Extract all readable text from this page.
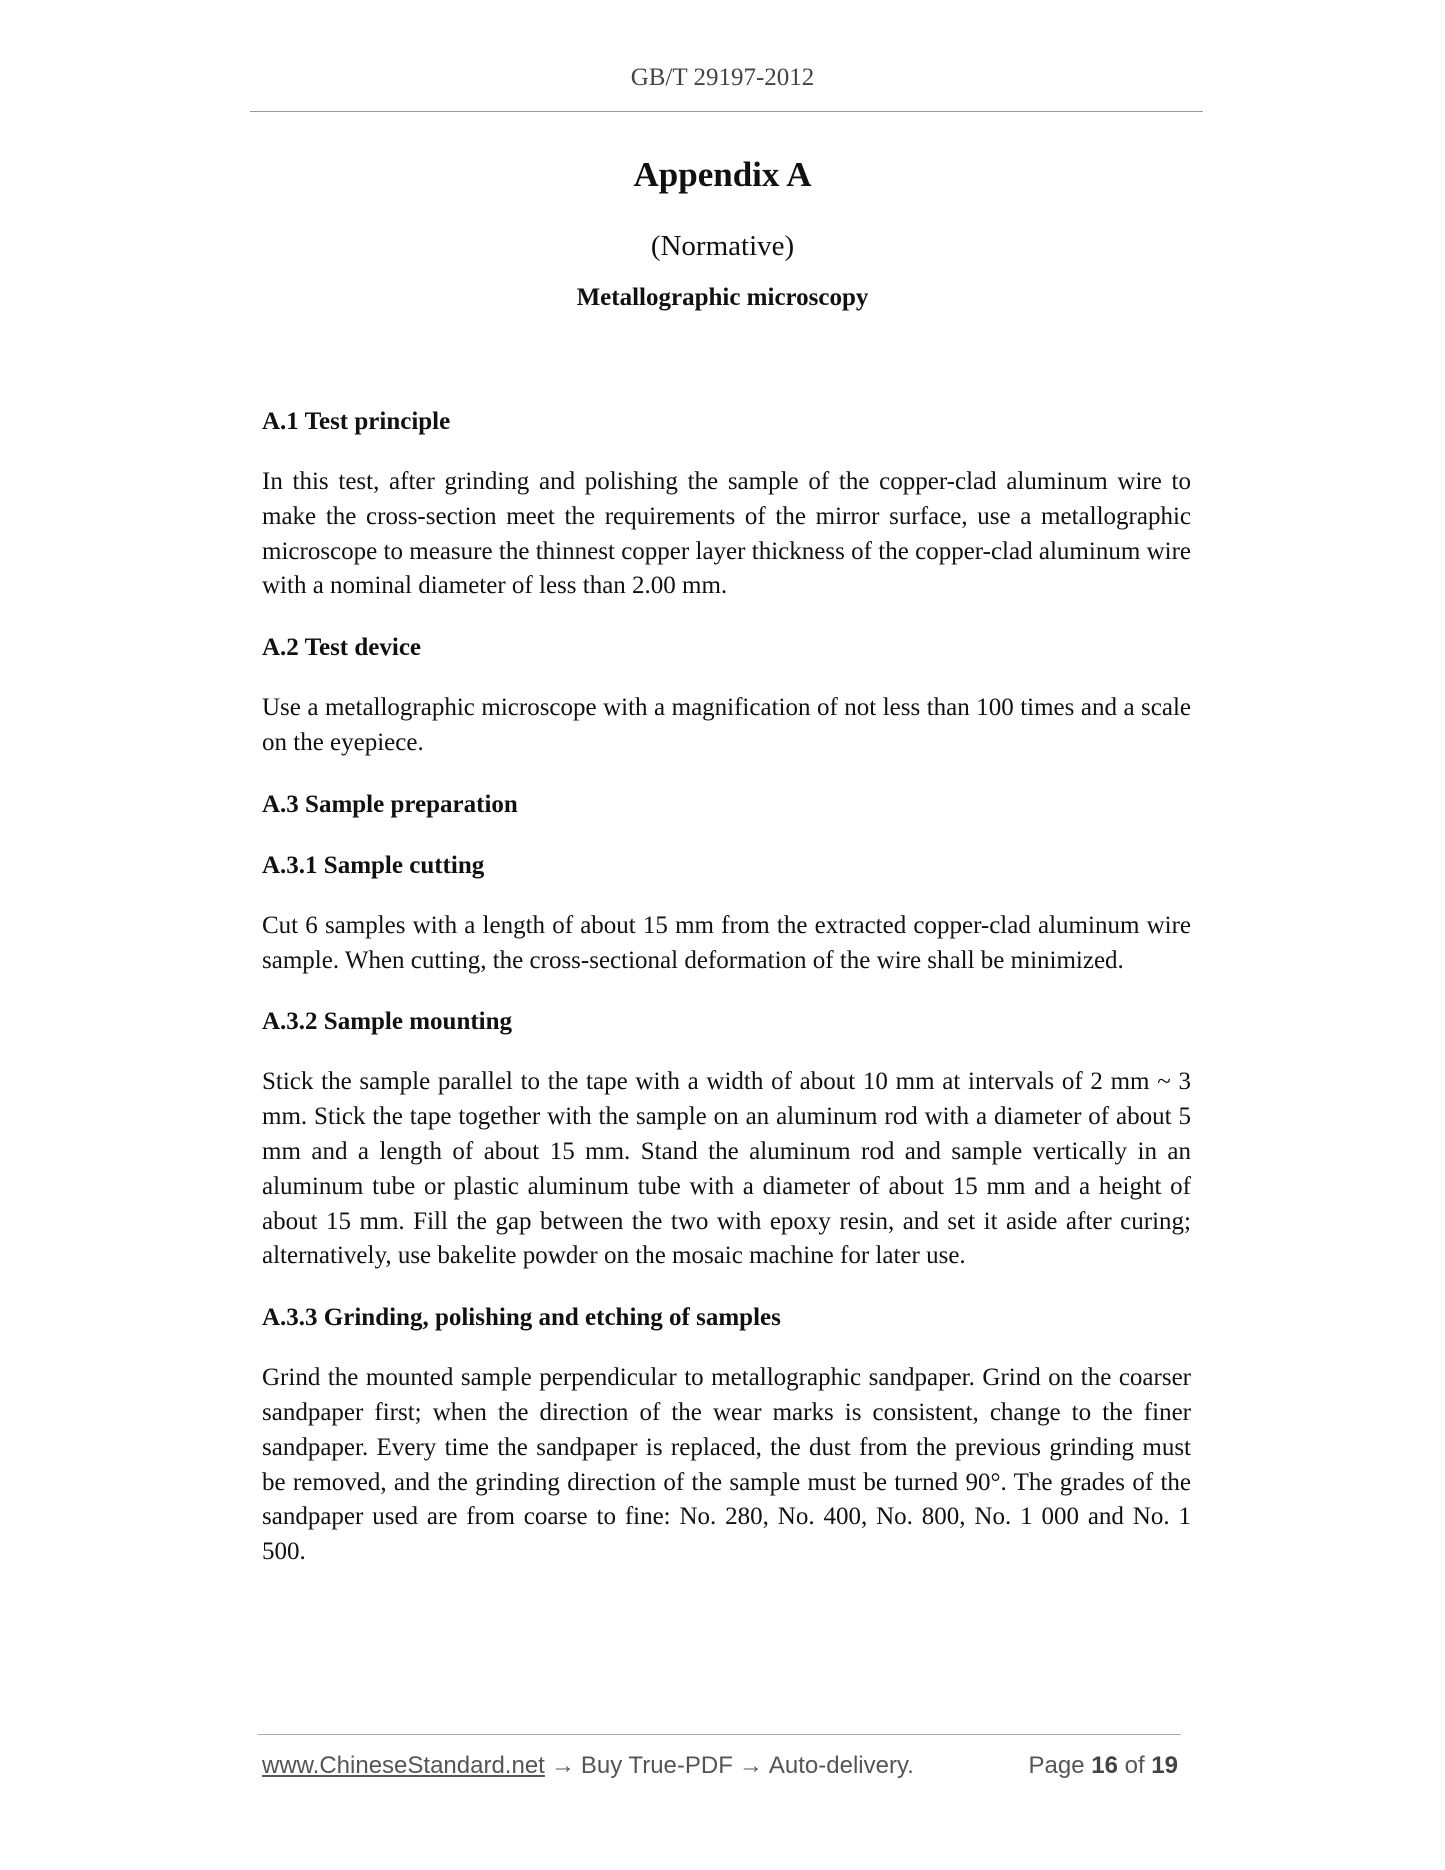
GB/T 29197-2012
Appendix A
(Normative)
Metallographic microscopy
A.1 Test principle

In this test, after grinding and polishing the sample of the copper-clad aluminum wire to make the cross-section meet the requirements of the mirror surface, use a metallographic microscope to measure the thinnest copper layer thickness of the copper-clad aluminum wire with a nominal diameter of less than 2.00 mm.

A.2 Test device

Use a metallographic microscope with a magnification of not less than 100 times and a scale on the eyepiece.

A.3 Sample preparation
A.3.1 Sample cutting

Cut 6 samples with a length of about 15 mm from the extracted copper-clad aluminum wire sample. When cutting, the cross-sectional deformation of the wire shall be minimized.

A.3.2 Sample mounting

Stick the sample parallel to the tape with a width of about 10 mm at intervals of 2 mm ~ 3 mm. Stick the tape together with the sample on an aluminum rod with a diameter of about 5 mm and a length of about 15 mm. Stand the aluminum rod and sample vertically in an aluminum tube or plastic aluminum tube with a diameter of about 15 mm and a height of about 15 mm. Fill the gap between the two with epoxy resin, and set it aside after curing; alternatively, use bakelite powder on the mosaic machine for later use.

A.3.3 Grinding, polishing and etching of samples

Grind the mounted sample perpendicular to metallographic sandpaper. Grind on the coarser sandpaper first; when the direction of the wear marks is consistent, change to the finer sandpaper. Every time the sandpaper is replaced, the dust from the previous grinding must be removed, and the grinding direction of the sample must be turned 90°. The grades of the sandpaper used are from coarse to fine: No. 280, No. 400, No. 800, No. 1 000 and No. 1 500.

www.ChineseStandard.net → Buy True-PDF → Auto-delivery.	Page 16 of 19
